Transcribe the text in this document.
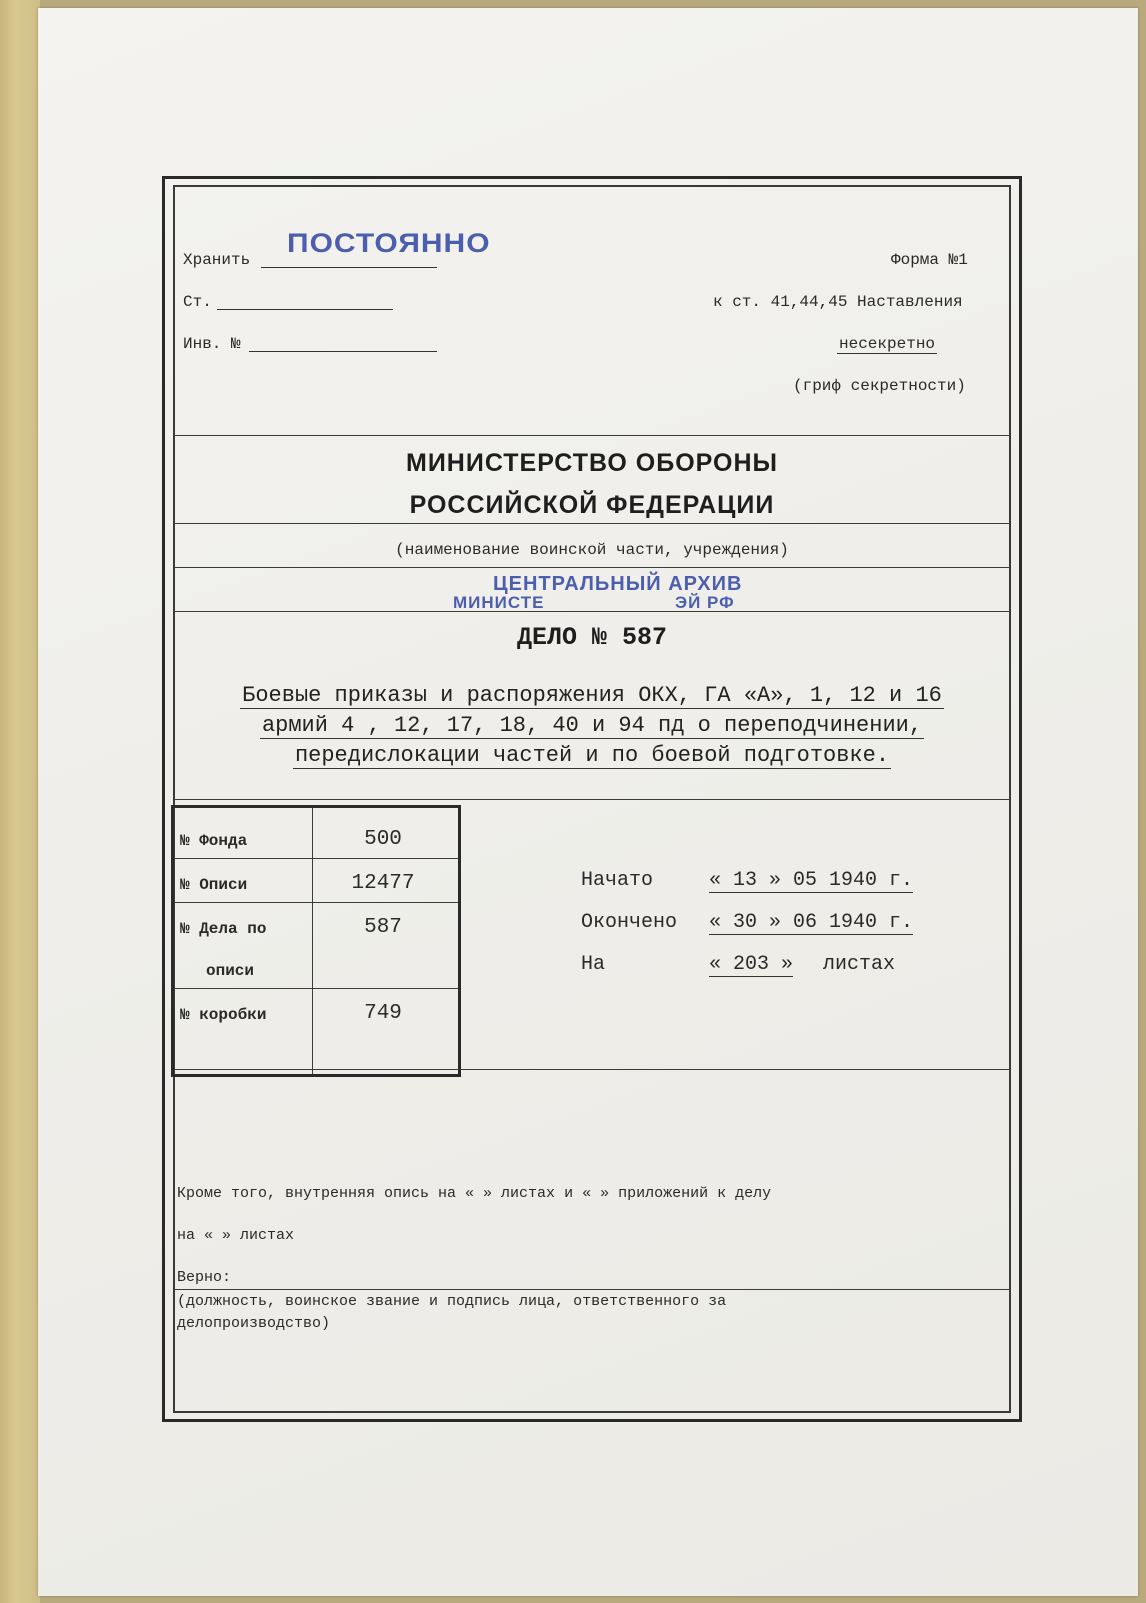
Хранить
ПОСТОЯННО
Форма №1
Ст.	к ст. 41,44,45 Наставления
Инв. №	несекретно
(гриф секретности)
МИНИСТЕРСТВО ОБОРОНЫ
РОССИЙСКОЙ ФЕДЕРАЦИИ
(наименование воинской части, учреждения)
ЦЕНТРАЛЬНЫЙ АРХИВ
МИНИСТЕ	ЭЙ РФ
ДЕЛО № 587
Боевые приказы и распоряжения ОКХ, ГА «А», 1, 12 и 16
армий 4 , 12, 17, 18, 40 и 94 пд о переподчинении,
передислокации частей и по боевой подготовке.
№ Фонда	500
№ Описи	12477
№ Дела по	587
описи
№ коробки	749
Начато	« 13 » 05 1940 г.
Окончено « 30 » 06 1940 г.
На	« 203 » листах
Кроме того, внутренняя опись на « » листах и « » приложений к делу
на « » листах
Верно:
(должность, воинское звание и подпись лица, ответственного за
делопроизводство)
